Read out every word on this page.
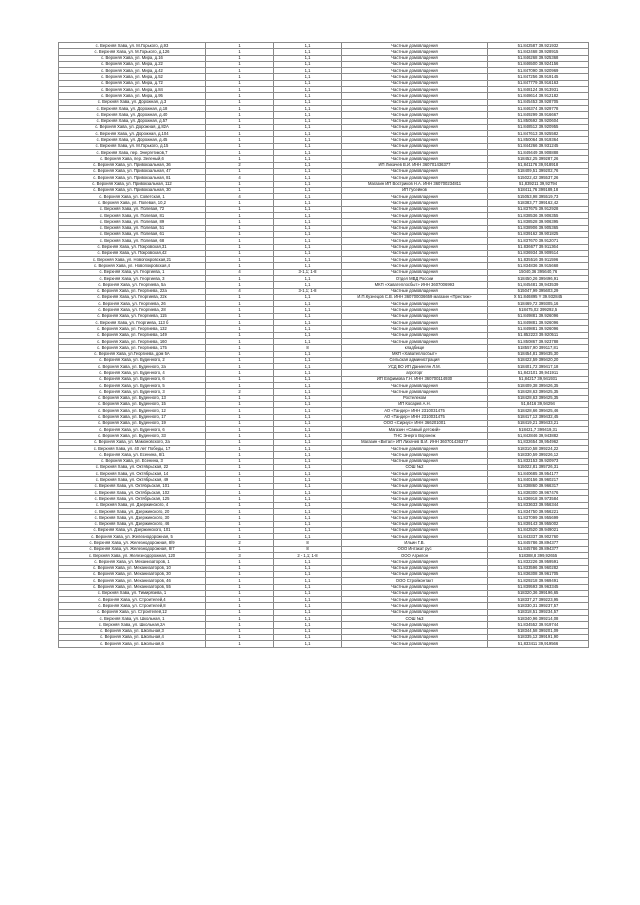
с. Верхняя Хава, ул. М.Горького, д.93	1	1,1	Частные домовладения	51.842587 39.921932
с. Верхняя Хава, ул. М.Горького, д.126	1	1,1	Частные домовладения	51.842468 39.928915
с. Верхняя Хава, ул. Мира, д.16	1	1,1	Частные домовладения	51.846268 39.925368
с. Верхняя Хава, ул. Мира, д.22	1	1,1	Частные домовладения	51.846500 39.924156
с. Верхняя Хава, ул. Мира, д.42	1	1,1	Частные домовладения	51.847090 39.920969
с. Верхняя Хава, ул. Мира, д.52	1	1,1	Частные домовладения	51.847256 39.919145
с. Верхняя Хава, ул. Мира, д.72	1	1,1	Частные домовладения	51.847779 39.916163
с. Верхняя Хава, ул. Мира, д.84	1	1,1	Частные домовладения	51.848124 39.913931
с. Верхняя Хава, ул. Мира, д.95	1	1,1	Частные домовладения	51.848614 39.912182
с. Верхняя Хава, ул. Дорожная, д.3	1	1,1	Частные домовладения	51.845453 39.928705
с. Верхняя Хава, ул. Дорожная, д.18	1	1,1	Частные домовладения	51.846374 39.929778
с. Верхняя Хава, ул. Дорожная, д.40	1	1,1	Частные домовладения	51.849299 39.916667
с. Верхняя Хава, ул. Дорожная, д.57	1	1,1	Частные домовладения	51.850592 39.920604
с. Верхняя Хава, ул. Дорожная, д.82А	1	1,1	Частные домовладения	51.848512 39.920955
с. Верхняя Хава, ул. Дорожная, д.104	1	1,1	Частные домовладения	51.847613 39.925582
с. Верхняя Хава, ул. Дорожная, д.45	1	1,1	Частные домовладения	51.850064 39.919364
с. Верхняя Хава, ул. М.Горького, д.15	1	1,1	Частные домовладения	51.844266 39.931245
с. Верхняя Хава, пер. Энергетиков,7	1	1,1	Частные домовладения	51.849449 39.908888
с. Верхняя Хава, пер. Зеленый,6	1	1,1	Частные домовладения	518452,25 399287,26
с. Верхняя Хава, ул. Привокзальная, 36	2	1,1	ИП Лихачев В.И. ИНН 360701436377	51,841176 39,918918
с. Верхняя Хава, ул. Привокзальная, 47	1	1,1	Частные домовладения	518409,51 399202,76
с. Верхняя Хава, ул. Привокзальная, 81	4	1,1	Частные домовладения	515022,42 395537,26
с. Верхняя Хава, ул. Привокзальная, 112	1	1,1	Магазин ИП Востриков Н.А. ИНН 360700234811	51,839211 39,92794
с. Верхняя Хава, ул. Привокзальная, 30	1	1,1	ИП Гусейнов	518411,76 399189,18
с. Верхняя Хава, ул. Советская, 1	4	1,1	Частные домовладения	515053,98 395519,73
с. Верхняя Хава, ул. Полевая, 10,2	1	1,1	Частные домовладения	518383,77 399162,42
с. Верхняя Хава, ул. Полевая, 72	1	1,1	Частные домовладения	51.837675 39.912928
с. Верхняя Хава, ул. Полевая, 81	1	1,1	Частные домовладения	51.838536 39.906355
с. Верхняя Хава, ул. Полевая, 89	1	1,1	Частные домовладения	51.838528 39.906395
с. Верхняя Хава, ул. Полевая, 51	1	1,1	Частные домовладения	51.838906 39.905365
с. Верхняя Хава, ул. Полевая, 61	1	1,1	Частные домовладения	51.839162 39.901825
с. Верхняя Хава, ул. Полевая, 68	1	1,1	Частные домовладения	51.837670 39.912071
с. Верхняя Хава, ул. Покровская,31	1	1,1	Частные домовладения	51.836677 39.911364
с. Верхняя Хава, ул. Покровская,42	1	1,1	Частные домовладения	51.836934 39.909514
с. Верхняя Хава, ул. Новопокровская,21	1	1,1	Частные домовладения	51.835516 39.911596
с. Верхняя Хава, ул. Новопокровская,4	1	1,1	Частные домовладения	51.834836 39.915668
с. Верхняя Хава, ул. Георгиева, 1	4	3-1,1; 1-8	Частные домовладения	15040,36 395640,76
с. Верхняя Хава, ул. Георгиева, 3	1	1,1	Отдел МВД России	518450,26 399496,91
с. Верхняя Хава, ул. Георгиева, 5а	1	1,1	МКП «Хаватеплосбыт» ИНН 3607006993	51,845481 39,943539
с. Верхняя Хава, ул. Георгиева, 22а	4	3-1,1; 1-8	Частные домовладения	515047,99 395603,29
с. Верхняя Хава, ул. Георгиева, 22к	1	1,1	И.П.Кузнецов С.В. ИНН 360700036659 магазин «Престиж»	X 51.846895 Y 39.932845
с. Верхняя Хава, ул. Георгиева, 26	1	1,1	Частные домовладения	518469,72 399305,16
с. Верхняя Хава, ул. Георгиева, 28	1	1,1	Частные домовладения	518475,02 399292,5
с. Верхняя Хава, ул. Георгиева, 115	1	1,1	Частные домовладения	51.849881 39.926096
с. Верхняя Хава, ул. Георгиева, 113 б	1	1,1	Частные домовладения	51.849881 39.926096
с. Верхняя Хава, ул. Георгиева, 132	1	1,1	Частные домовладения	51.849881 39.926096
с. Верхняя Хава, ул. Георгиева, 149	1	1,1	Частные домовладения	51.852223 39.920511
с. Верхняя Хава, ул. Георгиева, 160	1	1,1	Частные домовладения	51.850867 39.923788
с. Верхняя Хава, ул. Георгиева, 175	1	8	кладбище	518557,90 399117,81
с. Верхняя Хава, ул.Георгиева, дом 5А	1	1,1	МКП «Хаватеплосбыт»	518454,81 399435,30
с. Верхняя Хава, ул. Буденного, 2	1	1,1	Сельская администрация	518422,59 399420,20
с. Верхняя Хава, ул. Буденного, 2а	1	1,1	УСД ВО ИП Даниелян Л.М.	518401,72 399417,18
с. Верхняя Хава, ул. Буденного, 4	1	1,1	агроторг	51,842101 39,941911
с. Верхняя Хава, ул. Буденного, 6	1	1,1	ИП Елфимова Г.Н. ИНН 360700114930	51,84217 39,941931
с. Верхняя Хава, ул. Буденного, 5	1	1,1	Частные домовладения	518409,38 399426,35
с. Верхняя Хава, ул. Буденного, 3	2	1,1	Частные домовладения	518428,63 399425,35
с. Верхняя Хава, ул. Буденного, 13	1	1,1	Ростелеком	518428,63 399425,35
с. Верхняя Хава, ул. Буденного, 15	1	1,1	ИП Косарев А.Н.	51,8416 39,94294
с. Верхняя Хава, ул. Буденного, 12	1	1,1	АО «Тандер» ИНН 2310031475	518428,66 399425,46
с. Верхняя Хава, ул. Буденного, 17	1	1,1	АО «Тандер» ИНН 2310031475	518417,12 399432,45
с. Верхняя Хава, ул. Буденного, 19	1	1,1	ООО «Сириус» ИНН 366201001	518419,21 399433,21
с. Верхняя Хава, ул. Буденного, 6	1	1,1	Магазин «Самый детский»	518421,7 399419,31
с. Верхняя Хава, ул. Буденного, 33	1	1,1	ТНС Энерго Воронеж	51,842846 39,943882
с. Верхняя Хава, ул. Мамоновского, 2а	1	1,1	Магазин «Витал» ИП Лихачев В.И. ИНН 360701436377	51,832654 39,954962
с. Верхняя Хава, ул. 40 лет Победы, 17	1	1,1	Частные домовладения	518310,58 399224,22
с. Верхняя Хава, ул. Есенина, 8/1	1	1,1	Частные домовладения	518330,59 399226,12
с. Верхняя Хава, ул. Есенина, 3	1	1,1	Частные домовладения	51.832153 39.920973
с. Верхняя Хава, ул. Октябрьская, 22	1	1,1	СОШ №2	515022,81 395726,31
с. Верхняя Хава, ул. Октябрьская, 14	1	1,1	Частные домовладения	51.840685 39.954177
с. Верхняя Хава, ул. Октябрьская, 49	1	1,1	Частные домовладения	51.840156 39.960217
с. Верхняя Хава, ул. Октябрьская, 101	1	1,1	Частные домовладения	51.838860 39.966317
с. Верхняя Хава, ул. Октябрьская, 102	1	1,1	Частные домовладения	51.838300 39.967476
с. Верхняя Хава, ул. Октябрьская, 125	1	1,1	Частные домовладения	51.836918 39.973584
с. Верхняя Хава, ул. Дзержинского, 4	1	1,1	Частные домовладения	51.833633 39.956344
с. Верхняя Хава, ул. Дзержинского, 20	1	1,1	Частные домовладения	51.834750 39.956221
с. Верхняя Хава, ул. Дзержинского, 30	1	1,1	Частные домовладения	51.837099 39.955699
с. Верхняя Хава, ул. Дзержинского, 46	1	1,1	Частные домовладения	51.839143 39.955002
с. Верхняя Хава, ул. Дзержинского, 101	1	1,1	Частные домовладения	51.842520 39.949021
с. Верхняя Хава, ул. Железнодорожная, 5	1	1,1	Частные домовладения	51.843337 39.902760
с. Верхняя Хава, ул. Железнодорожная, 8/9	2	8	Ильин Г.В.	51.845786 39.894377
с. Верхняя Хава, ул. Железнодорожная, 8/7	1	8	ООО Интакат рус	51.845786 39.894377
с. Верхняя Хава, ул. Железнодорожная, 120	3	2 - 1,1; 1-8	ООО Агрилон	518388,8 399,92655
с. Верхняя Хава, ул. Механизаторов, 1	1	1,1	Частные домовладения	51.832226 39.959591
с. Верхняя Хава, ул. Механизаторов, 10	1	1,1	Частные домовладения	51.833596 39.960282
с. Верхняя Хава, ул. Механизаторов, 30	1	1,1	Частные домовладения	51.836308 39.961705
с. Верхняя Хава, ул. Механизаторов, 46	1	1,1	ООО Стройконтакт	51.829218 39.969491
с. Верхняя Хава, ул. Механизаторов, 55	1	1,1	Частные домовладения	51.839593 39.963345
с. Верхняя Хава, ул. Тимирязева, 1	1	1,1	Частные домовладения	518320,36 399196,65
с. Верхняя Хава, ул. Строителей,4	1	1,1	Частные домовладения	518337,27 399223,95
с. Верхняя Хава, ул. Строителей,8	1	1,1	Частные домовладения	518330,31 399237,57
с. Верхняя Хава, ул. Строителей,12	1	1,1	Частные домовладения	518318,51 399234,57
с. Верхняя Хава, ул. Школьная, 1	1	1,1	СОШ №3	518340,96 399214,08
с. Верхняя Хава, ул. Школьная,2А	1	1,1	Частные домовладения	51.834552 39.919744
с. Верхняя Хава, ул. Школьная,3	1	1,1	Частные домовладения	518344,58 399201,09
с. Верхняя Хава, ул. Школьная,4	1	1,1	Частные домовладения	518335,12 399191,90
с. Верхняя Хава, ул. Школьная,6	1	1,1	Частные домовладения	51,833411 39,919566
